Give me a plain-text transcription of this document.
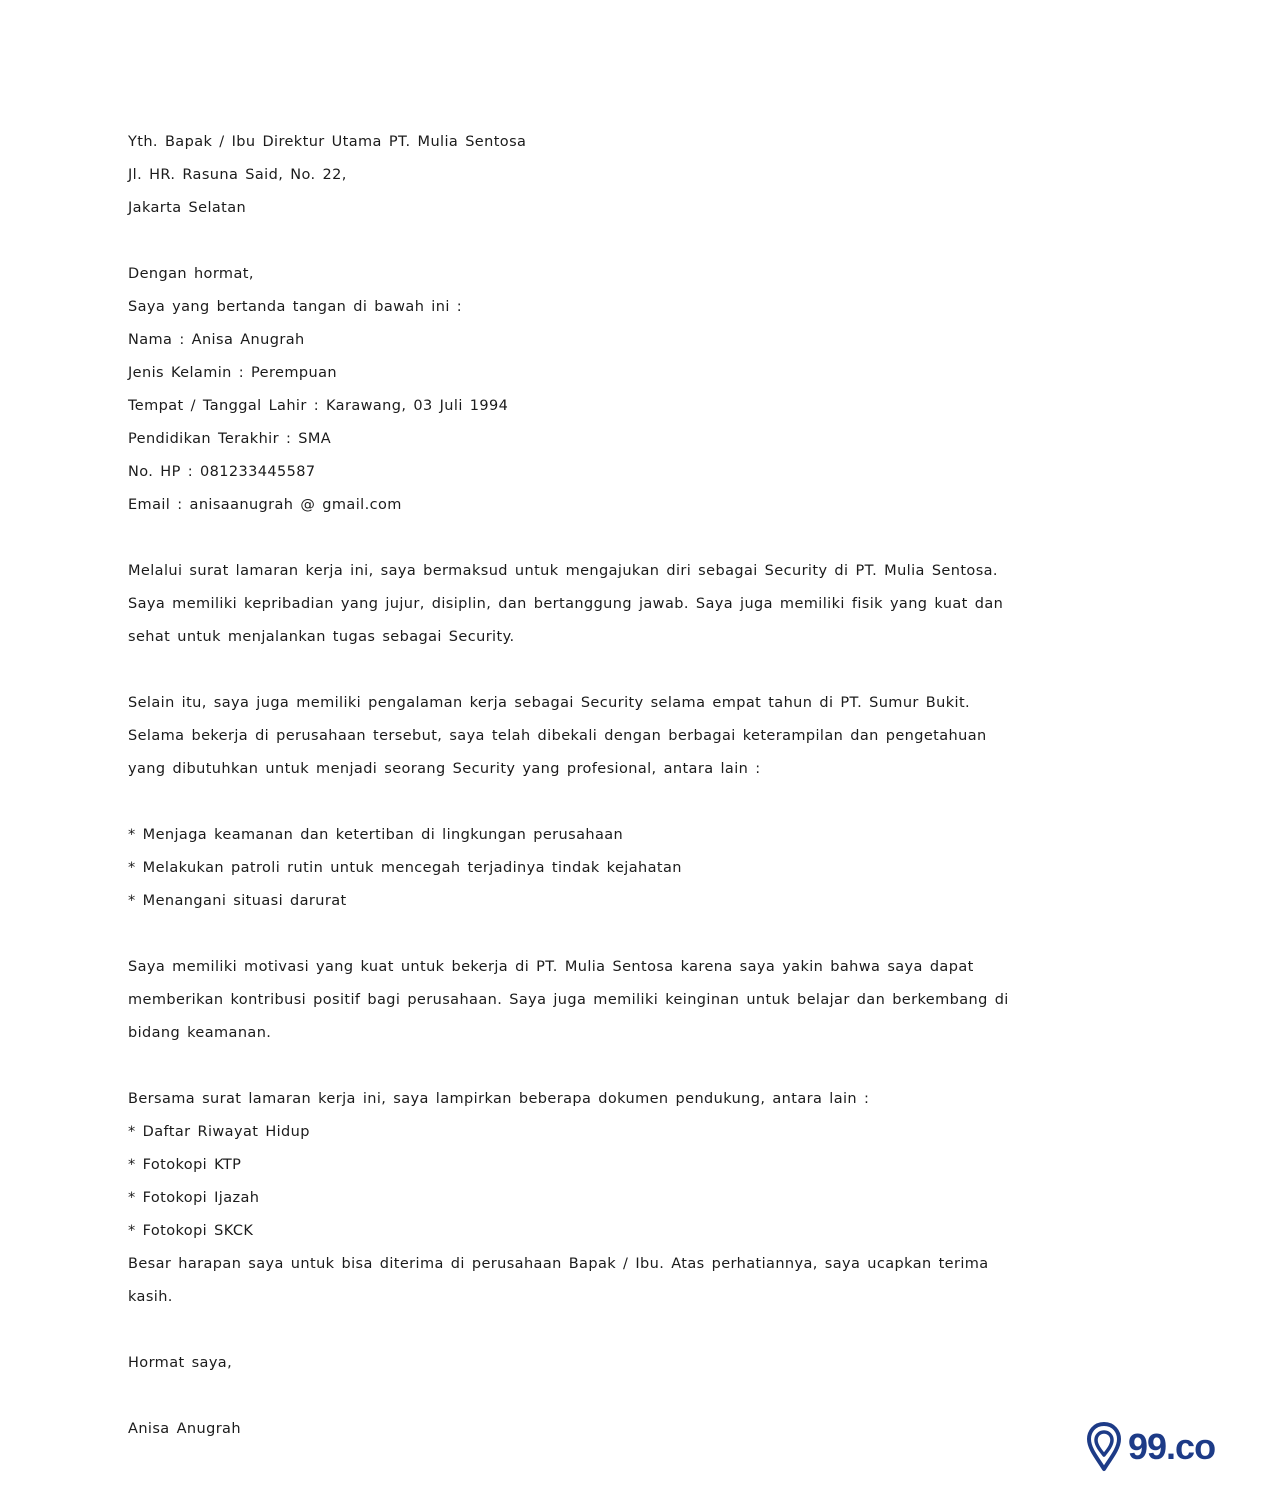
Yth. Bapak / Ibu Direktur Utama PT. Mulia Sentosa
Jl. HR. Rasuna Said, No. 22,
Jakarta Selatan
Dengan hormat,
Saya yang bertanda tangan di bawah ini :
Nama : Anisa Anugrah
Jenis Kelamin : Perempuan
Tempat / Tanggal Lahir : Karawang, 03 Juli 1994
Pendidikan Terakhir : SMA
No. HP : 081233445587
Email : anisaanugrah @ gmail.com
Melalui surat lamaran kerja ini, saya bermaksud untuk mengajukan diri sebagai Security di PT. Mulia Sentosa.
Saya memiliki kepribadian yang jujur, disiplin, dan bertanggung jawab. Saya juga memiliki fisik yang kuat dan
sehat untuk menjalankan tugas sebagai Security.
Selain itu, saya juga memiliki pengalaman kerja sebagai Security selama empat tahun di PT. Sumur Bukit.
Selama bekerja di perusahaan tersebut, saya telah dibekali dengan berbagai keterampilan dan pengetahuan
yang dibutuhkan untuk menjadi seorang Security yang profesional, antara lain :
* Menjaga keamanan dan ketertiban di lingkungan perusahaan
* Melakukan patroli rutin untuk mencegah terjadinya tindak kejahatan
* Menangani situasi darurat
Saya memiliki motivasi yang kuat untuk bekerja di PT. Mulia Sentosa karena saya yakin bahwa saya dapat
memberikan kontribusi positif bagi perusahaan. Saya juga memiliki keinginan untuk belajar dan berkembang di
bidang keamanan.
Bersama surat lamaran kerja ini, saya lampirkan beberapa dokumen pendukung, antara lain :
* Daftar Riwayat Hidup
* Fotokopi KTP
* Fotokopi Ijazah
* Fotokopi SKCK
Besar harapan saya untuk bisa diterima di perusahaan Bapak / Ibu. Atas perhatiannya, saya ucapkan terima
kasih.
Hormat saya,
Anisa Anugrah	99.co
